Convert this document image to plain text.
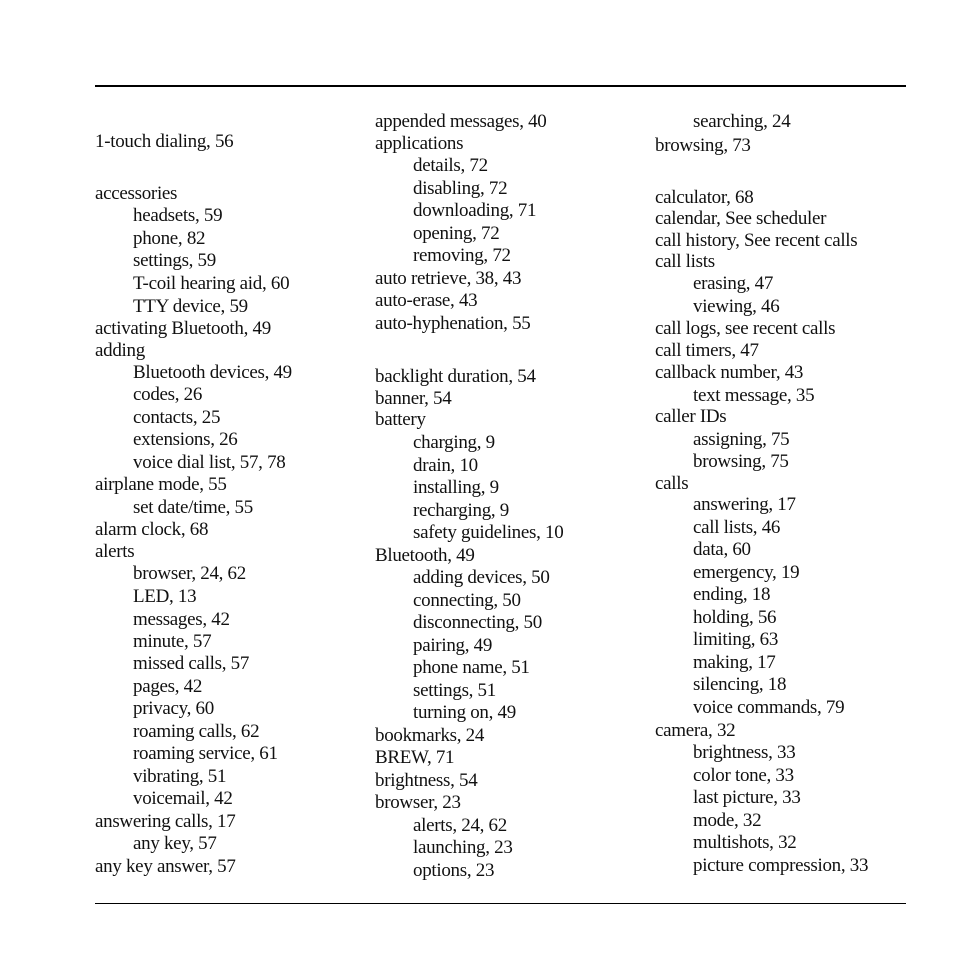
1-touch dialing, 56
accessories
headsets, 59
phone, 82
settings, 59
T-coil hearing aid, 60
TTY device, 59
activating Bluetooth, 49
adding
Bluetooth devices, 49
codes, 26
contacts, 25
extensions, 26
voice dial list, 57, 78
airplane mode, 55
set date/time, 55
alarm clock, 68
alerts
browser, 24, 62
LED, 13
messages, 42
minute, 57
missed calls, 57
pages, 42
privacy, 60
roaming calls, 62
roaming service, 61
vibrating, 51
voicemail, 42
answering calls, 17
any key, 57
any key answer, 57
appended messages, 40
applications
details, 72
disabling, 72
downloading, 71
opening, 72
removing, 72
auto retrieve, 38, 43
auto-erase, 43
auto-hyphenation, 55
backlight duration, 54
banner, 54
battery
charging, 9
drain, 10
installing, 9
recharging, 9
safety guidelines, 10
Bluetooth, 49
adding devices, 50
connecting, 50
disconnecting, 50
pairing, 49
phone name, 51
settings, 51
turning on, 49
bookmarks, 24
BREW, 71
brightness, 54
browser, 23
alerts, 24, 62
launching, 23
options, 23
searching, 24
browsing, 73
calculator, 68
calendar, See scheduler
call history, See recent calls
call lists
erasing, 47
viewing, 46
call logs, see recent calls
call timers, 47
callback number, 43
text message, 35
caller IDs
assigning, 75
browsing, 75
calls
answering, 17
call lists, 46
data, 60
emergency, 19
ending, 18
holding, 56
limiting, 63
making, 17
silencing, 18
voice commands, 79
camera, 32
brightness, 33
color tone, 33
last picture, 33
mode, 32
multishots, 32
picture compression, 33
